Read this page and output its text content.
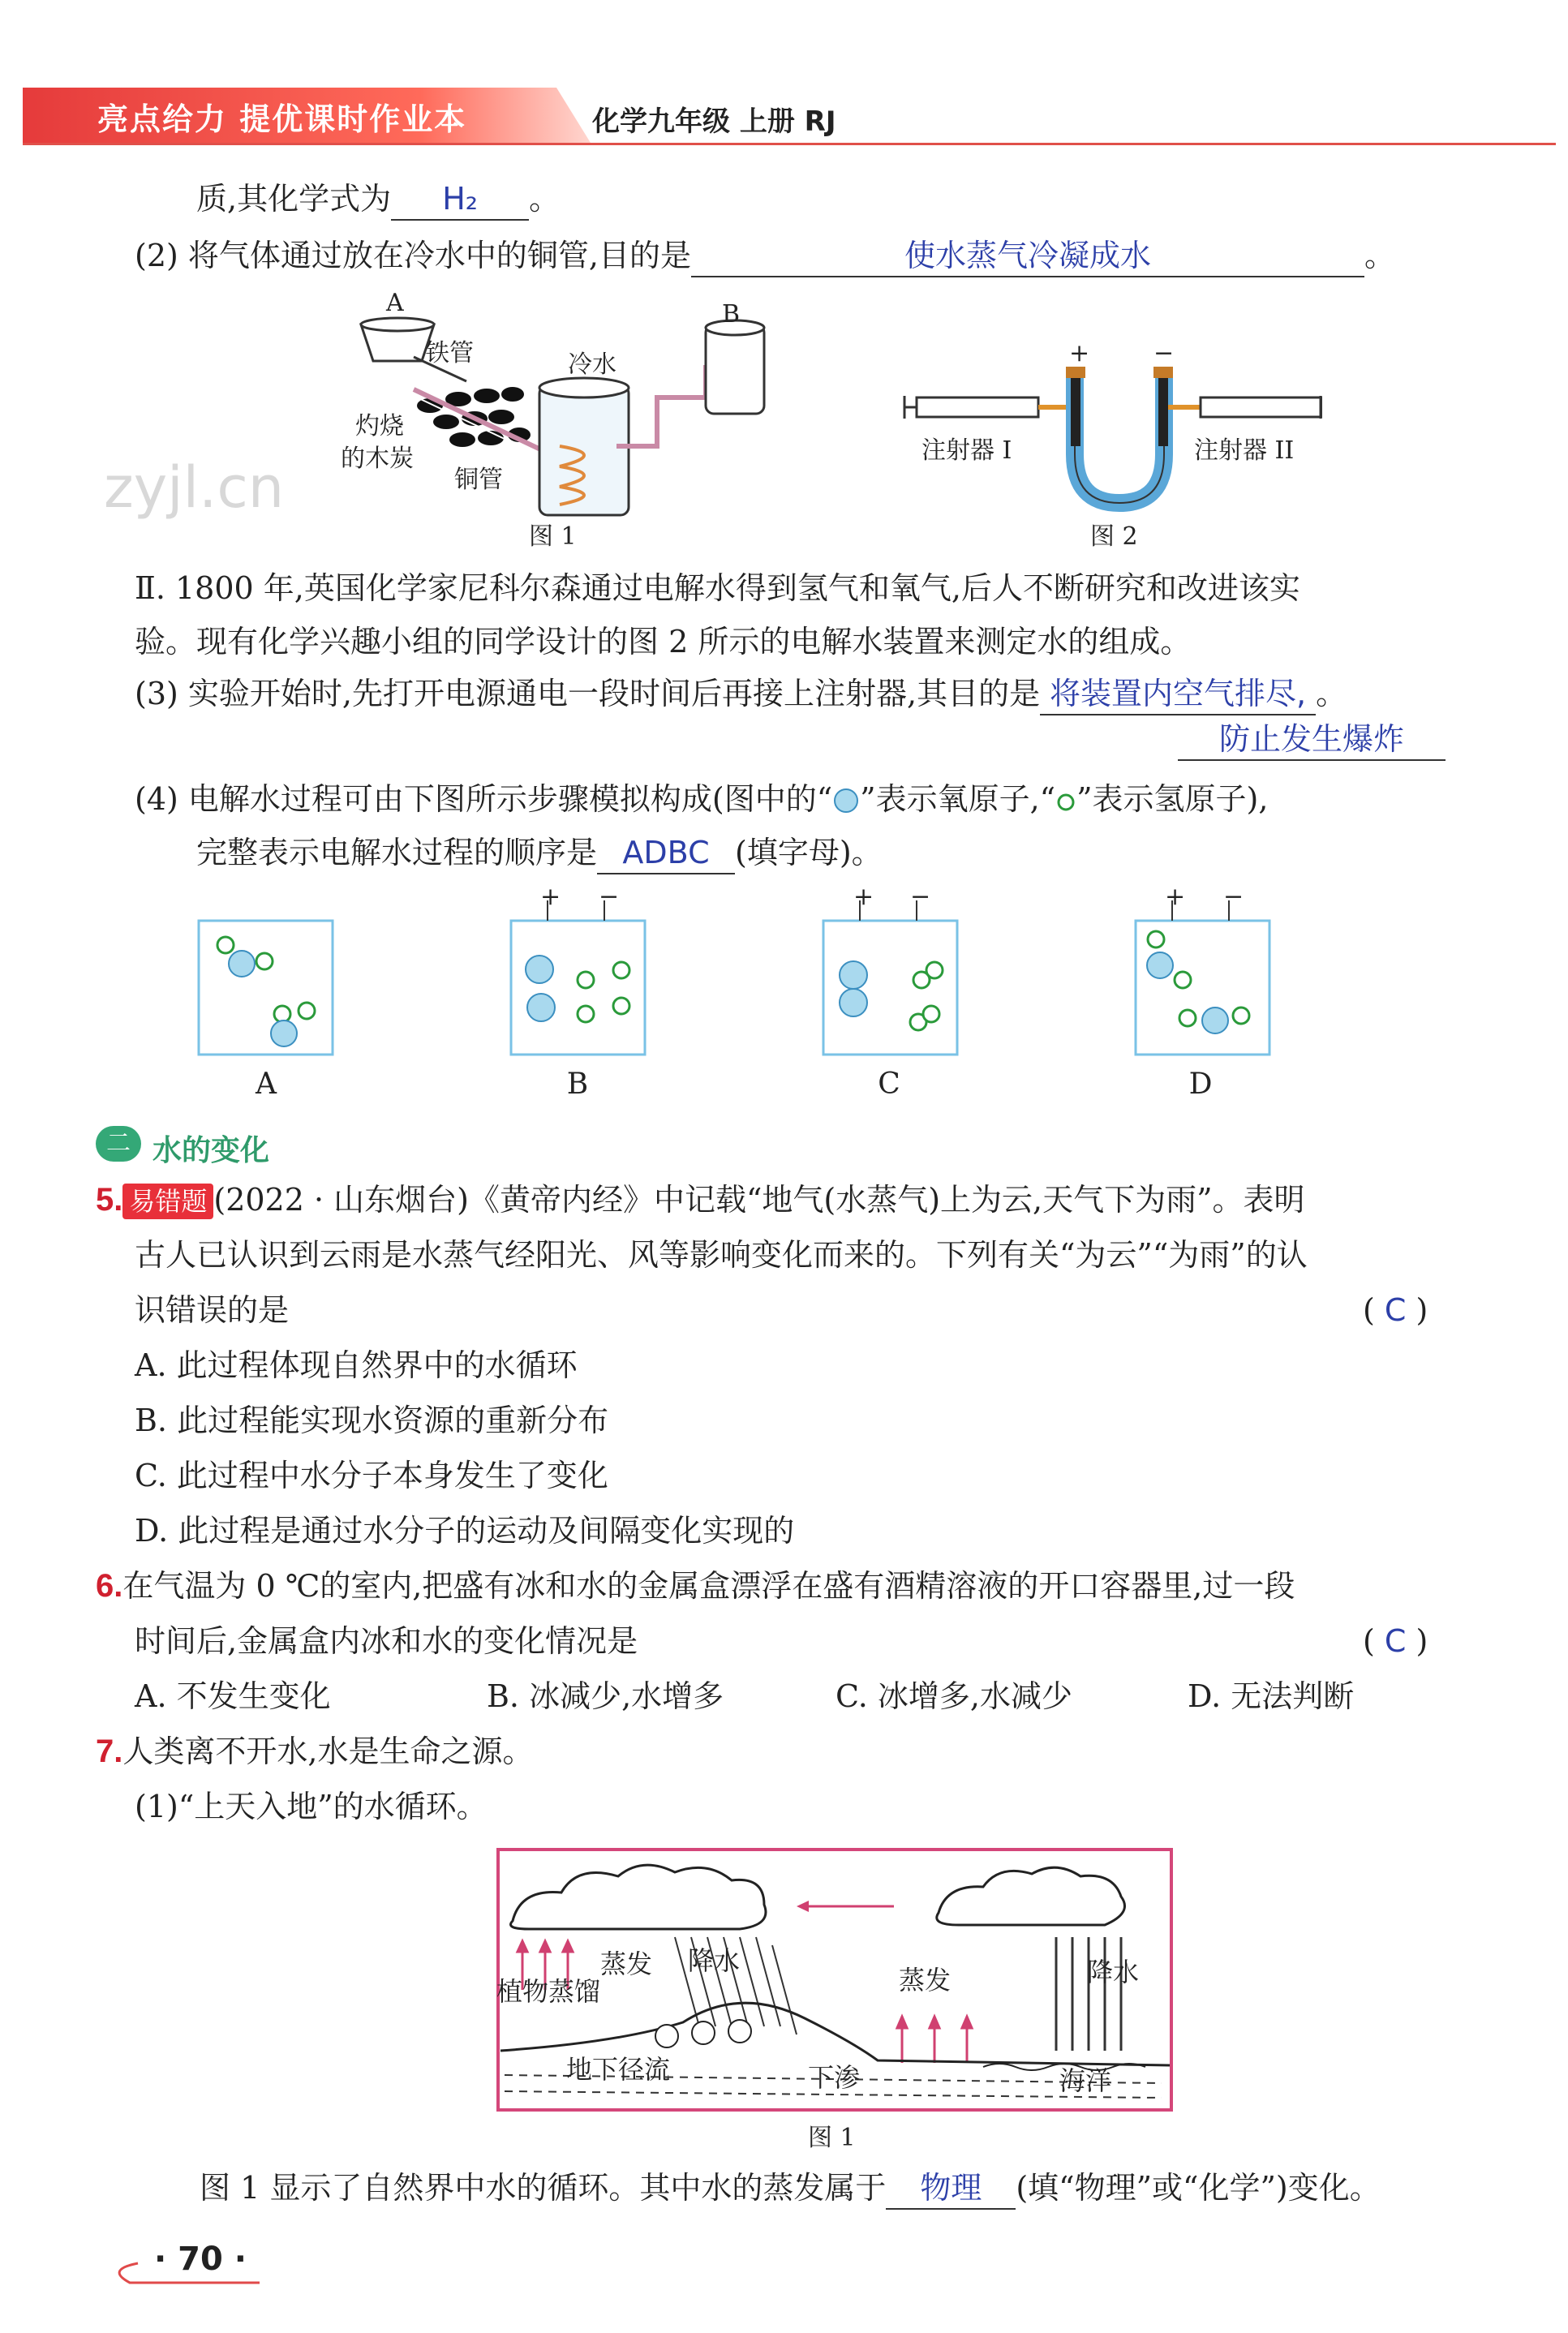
亮点给力 提优课时作业本	化学九年级 上册 RJ
质,其化学式为 H₂ 。
(2) 将气体通过放在冷水中的铜管,目的是	使水蒸气冷凝成水	。
A	B
铁管	冷水
灼烧
的木炭
铜管
图 1
zyjl.cn
+	−
注射器 I	注射器 II
图 2
Ⅱ. 1800 年,英国化学家尼科尔森通过电解水得到氢气和氧气,后人不断研究和改进该实
验。现有化学兴趣小组的同学设计的图 2 所示的电解水装置来测定水的组成。
(3) 实验开始时,先打开电源通电一段时间后再接上注射器,其目的是 将装置内空气排尽, 。
防止发生爆炸
(4) 电解水过程可由下图所示步骤模拟构成(图中的“ ”表示氧原子,“ ”表示氢原子),
完整表示电解水过程的顺序是 ADBC (填字母)。
+ −	+ −	+ −
A	B	C	D
二 水的变化
5. 易错题 (2022 · 山东烟台)《黄帝内经》中记载“地气(水蒸气)上为云,天气下为雨”。表明
古人已认识到云雨是水蒸气经阳光、风等影响变化而来的。下列有关“为云”“为雨”的认
识错误的是	( C )
A. 此过程体现自然界中的水循环
B. 此过程能实现水资源的重新分布
C. 此过程中水分子本身发生了变化
D. 此过程是通过水分子的运动及间隔变化实现的
6.在气温为 0 ℃的室内,把盛有冰和水的金属盒漂浮在盛有酒精溶液的开口容器里,过一段
时间后,金属盒内冰和水的变化情况是	( C )
A. 不发生变化	B. 冰减少,水增多	C. 冰增多,水减少	D. 无法判断
7.人类离不开水,水是生命之源。
(1)“上天入地”的水循环。
植物蒸馏
蒸发 降水
蒸发	降水
地下径流	下渗	海洋
图 1
图 1 显示了自然界中水的循环。其中水的蒸发属于 物理 (填“物理”或“化学”)变化。
· 70 ·
